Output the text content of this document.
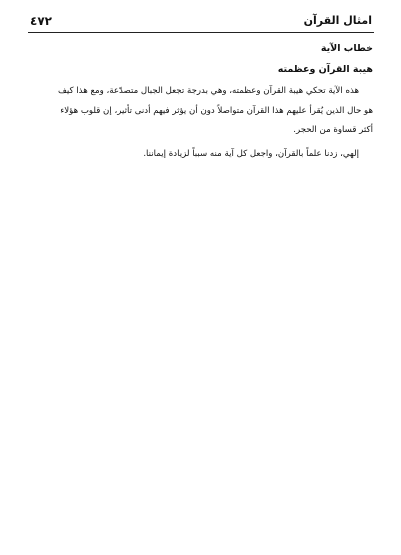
٤٧٢	امثال القرآن
خطاب الآية
هيبة القرآن وعظمته

هذه الآية تحكي هيبة القرآن وعظمته، وهي بدرجة تجعل الجبال متصدّعة، ومع هذا كيف
هو حال الذين يُقرأ عليهم هذا القرآن متواصلاً دون أن يؤثر فيهم أدنى تأثير، إن قلوب هؤلاء
أكثر قساوة من الحجر.

إلهي، زدنا علماً بالقرآن، واجعل كل آية منه سبباً لزيادة إيماننا.
